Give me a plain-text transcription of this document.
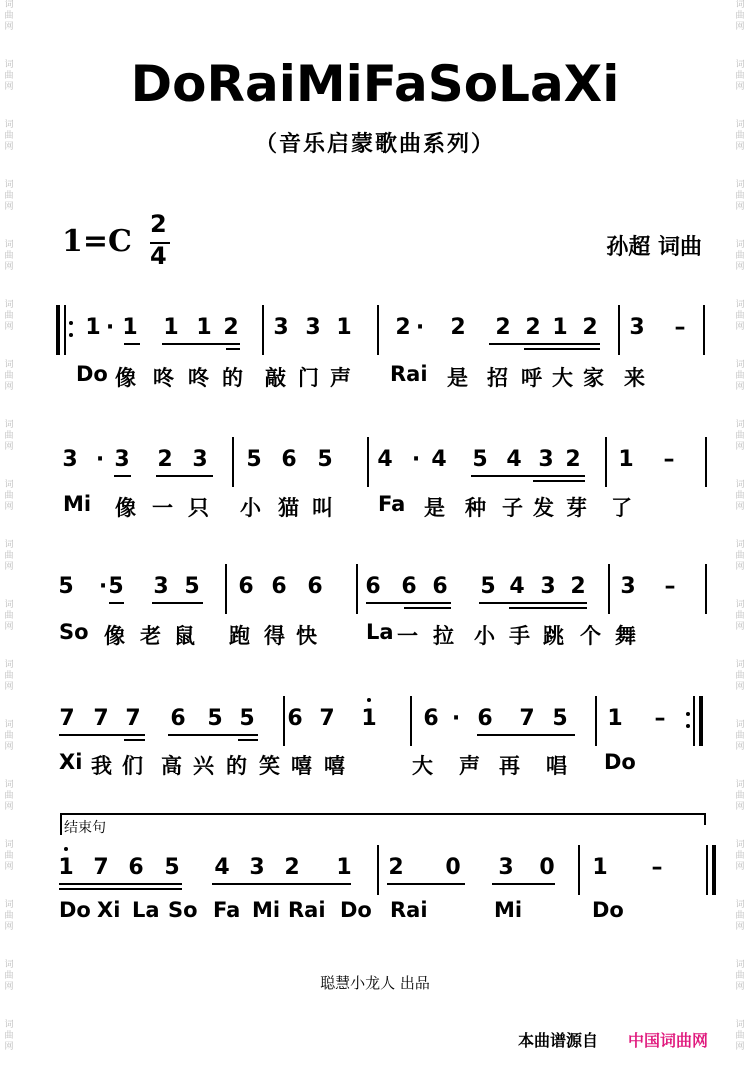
词
曲
网
词
曲
网
词
曲
网
词
曲
网
词
曲
网
词
曲
网
词
曲
网
词
曲
网
词
曲
网
词
曲
网
词
曲
网
词
曲
网
词
曲
网
词
曲
网
词
曲
网
词
曲
网
词
曲
网
词
曲
网
词
曲
网
词
曲
网
词
曲
网
词
曲
网
词
曲
网
词
曲
网
词
曲
网
词
曲
网
词
曲
网
词
曲
网
词
曲
网
词
曲
网
词
曲
网
词
曲
网
词
曲
网
词
曲
网
词
曲
网
词
曲
网
DoRaiMiFaSoLaXi
（音乐启蒙歌曲系列）
1=C 2
4	孙超 词曲
1 · 1 1 1 2 3 3 1 2 · 2 2 2 1 2 3 –
Do 像 咚 咚 的 敲 门 声 Rai 是 招 呼 大 家 来
3 · 3 2 3 5 6 5 4 · 4 5 4 3 2 1 –
Mi 像 一 只 小 猫 叫 Fa 是 种 子 发 芽 了
5 · 5 3 5 6 6 6 6 6 6 5 4 3 2 3 –
So 像 老 鼠 跑 得 快 La 一 拉 小 手 跳 个 舞
7 7 7 6 5 5 6 7 1 6 · 6 7 5 1 –
Xi 我 们 高 兴 的 笑 嘻 嘻	大 声 再 唱 Do
1 7 6 5 4 3 2 1 2 0 3 0 1 –
Do Xi La So Fa Mi Rai Do Rai	Mi	Do
结束句
聪慧小龙人 出品
本曲谱源自 中国词曲网
